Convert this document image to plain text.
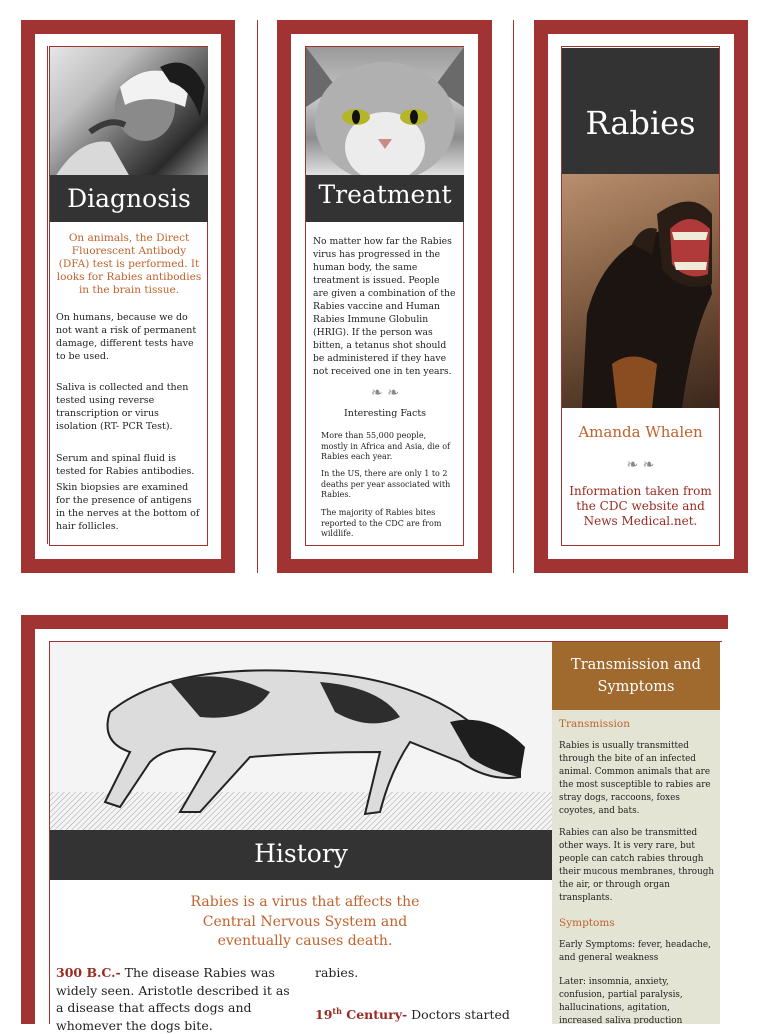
Diagnosis
On animals, the Direct Fluorescent Antibody (DFA) test is performed. It looks for Rabies antibodies in the brain tissue.
On humans, because we do not want a risk of permanent damage, different tests have to be used.
Saliva is collected and then tested using reverse transcription or virus isolation (RT- PCR Test).
Serum and spinal fluid is tested for Rabies antibodies.
Skin biopsies are examined for the presence of antigens in the nerves at the bottom of hair follicles.
Treatment
No matter how far the Rabies virus has progressed in the human body, the same treatment is issued. People are given a combination of the Rabies vaccine and Human Rabies Immune Globulin (HRIG). If the person was bitten, a tetanus shot should be administered if they have not received one in ten years.
❧ ❧
Interesting Facts
More than 55,000 people, mostly in Africa and Asia, die of Rabies each year.
In the US, there are only 1 to 2 deaths per year associated with Rabies.
The majority of Rabies bites reported to the CDC are from wildlife.
Rabies
Amanda Whalen
❧ ❧
Information taken from the CDC website and News Medical.net.
History
Rabies is a virus that affects the Central Nervous System and eventually causes death.
300 B.C.- The disease Rabies was widely seen. Aristotle described it as a disease that affects dogs and whomever the dogs bite.
rabies.
19th Century- Doctors started
Transmission and Symptoms
Transmission
Rabies is usually transmitted through the bite of an infected animal. Common animals that are the most susceptible to rabies are stray dogs, raccoons, foxes coyotes, and bats.
Rabies can also be transmitted other ways. It is very rare, but people can catch rabies through their mucous membranes, through the air, or through organ transplants.
Symptoms
Early Symptoms: fever, headache, and general weakness
Later: insomnia, anxiety, confusion, partial paralysis, hallucinations, agitation, increased saliva production
